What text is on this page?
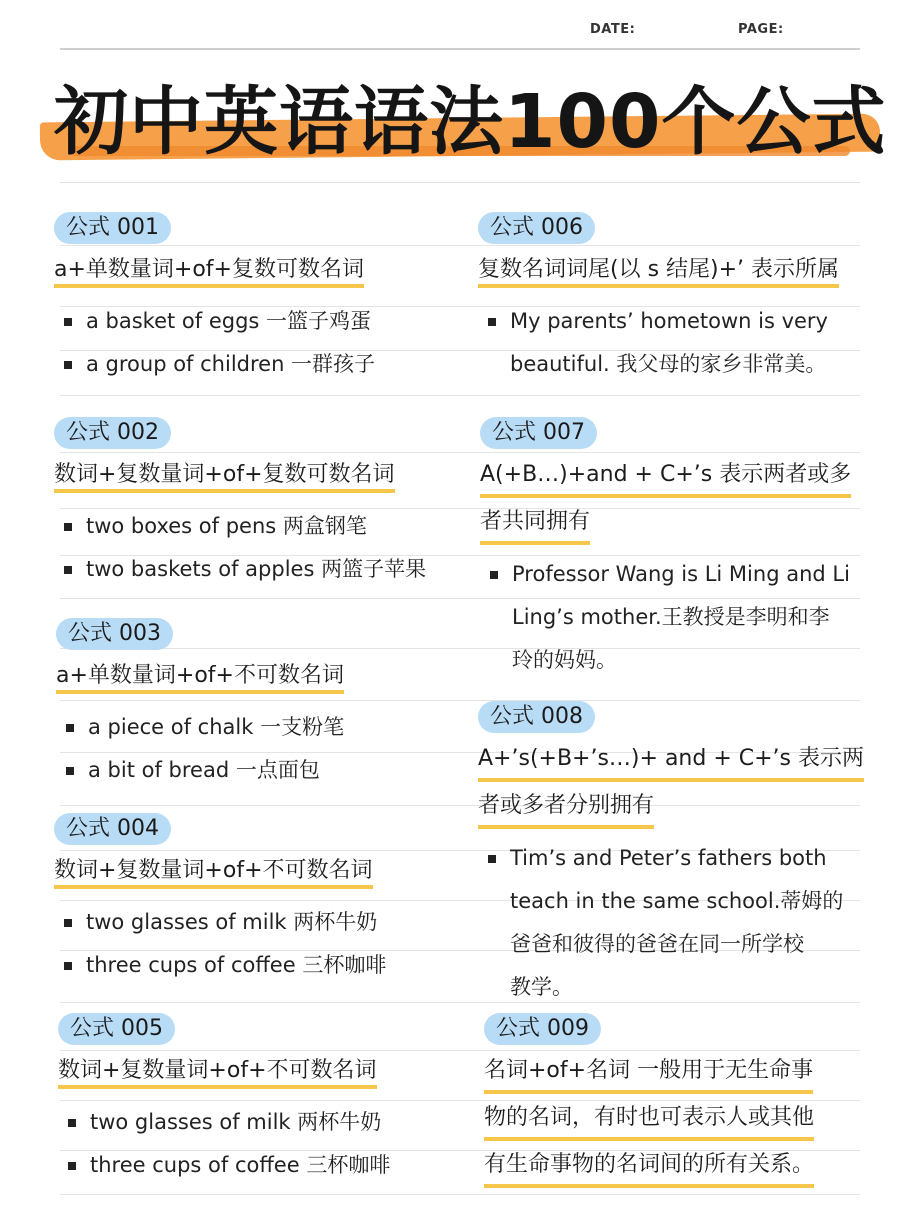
DATE:	PAGE:
初中英语语法100个公式
公式 001 a+单数量词+of+复数可数名词
a basket of eggs 一篮子鸡蛋
a group of children 一群孩子
公式 002 数词+复数量词+of+复数可数名词
two boxes of pens 两盒钢笔
two baskets of apples 两篮子苹果
公式 003 a+单数量词+of+不可数名词
a piece of chalk 一支粉笔
a bit of bread 一点面包
公式 004 数词+复数量词+of+不可数名词
two glasses of milk 两杯牛奶
three cups of coffee 三杯咖啡
公式 005 数词+复数量词+of+不可数名词
two glasses of milk 两杯牛奶
three cups of coffee 三杯咖啡
公式 006 复数名词词尾(以 s 结尾)+’ 表示所属
My parents’ hometown is very
beautiful. 我父母的家乡非常美。
公式 007
A(+B…)+and + C+’s 表示两者或多
者共同拥有
Professor Wang is Li Ming and Li
Ling’s mother.王教授是李明和李
玲的妈妈。
公式 008
A+’s(+B+’s…)+ and + C+’s 表示两
者或多者分别拥有
Tim’s and Peter’s fathers both
teach in the same school.蒂姆的
爸爸和彼得的爸爸在同一所学校
教学。
公式 009
名词+of+名词 一般用于无生命事
物的名词，有时也可表示人或其他
有生命事物的名词间的所有关系。
